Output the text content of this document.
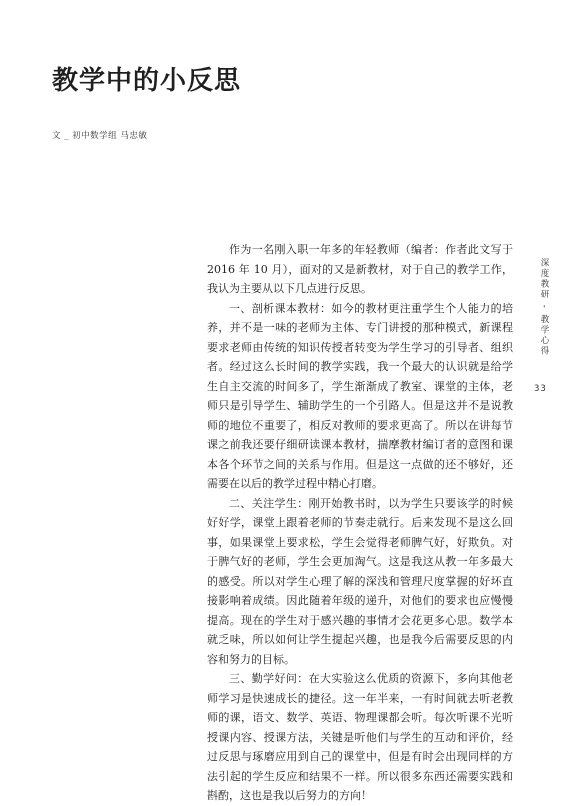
教学中的小反思
文 _ 初中数学组 马忠敏

作为一名刚入职一年多的年轻教师（编者：作者此文写于 2016 年 10 月），面对的又是新教材，对于自己的教学工作，我认为主要从以下几点进行反思。

一、剖析课本教材：如今的教材更注重学生个人能力的培养，并不是一味的老师为主体、专门讲授的那种模式，新课程要求老师由传统的知识传授者转变为学生学习的引导者、组织者。经过这么长时间的教学实践，我一个最大的认识就是给学生自主交流的时间多了，学生渐渐成了教室、课堂的主体，老师只是引导学生、辅助学生的一个引路人。但是这并不是说教师的地位不重要了，相反对教师的要求更高了。所以在讲每节课之前我还要仔细研读课本教材，揣摩教材编订者的意图和课本各个环节之间的关系与作用。但是这一点做的还不够好，还需要在以后的教学过程中精心打磨。

二、关注学生：刚开始教书时，以为学生只要该学的时候好好学，课堂上跟着老师的节奏走就行。后来发现不是这么回事，如果课堂上要求松，学生会觉得老师脾气好，好欺负。对于脾气好的老师，学生会更加淘气。这是我这从教一年多最大的感受。所以对学生心理了解的深浅和管理尺度掌握的好坏直接影响着成绩。因此随着年级的递升，对他们的要求也应慢慢提高。现在的学生对于感兴趣的事情才会花更多心思。数学本就乏味，所以如何让学生提起兴趣，也是我今后需要反思的内容和努力的目标。

三、勤学好问：在大实验这么优质的资源下，多向其他老师学习是快速成长的捷径。这一年半来，一有时间就去听老教师的课，语文、数学、英语、物理课都会听。每次听课不光听授课内容、授课方法，关键是听他们与学生的互动和评价，经过反思与琢磨应用到自己的课堂中，但是有时会出现同样的方法引起的学生反应和结果不一样。所以很多东西还需要实践和斟酌，这也是我以后努力的方向！

深度教研 - 教学心得
33
